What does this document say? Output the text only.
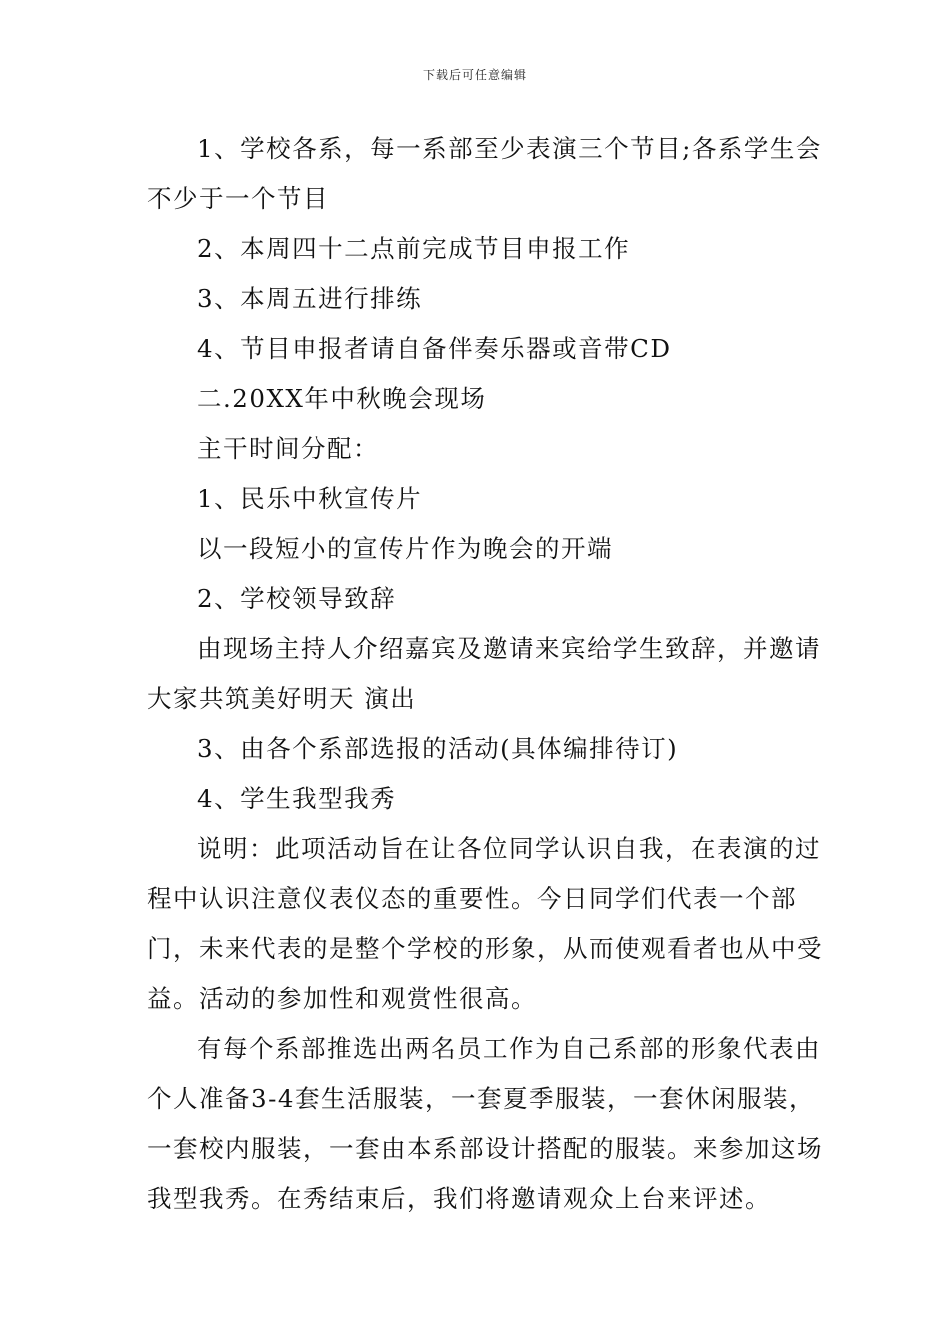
下载后可任意编辑

1、学校各系，每一系部至少表演三个节目;各系学生会不少于一个节目

2、本周四十二点前完成节目申报工作

3、本周五进行排练

4、节目申报者请自备伴奏乐器或音带CD

二.20XX年中秋晚会现场

主干时间分配：

1、民乐中秋宣传片

以一段短小的宣传片作为晚会的开端

2、学校领导致辞

由现场主持人介绍嘉宾及邀请来宾给学生致辞，并邀请大家共筑美好明天 演出

3、由各个系部选报的活动(具体编排待订)

4、学生我型我秀

说明：此项活动旨在让各位同学认识自我，在表演的过程中认识注意仪表仪态的重要性。今日同学们代表一个部门，未来代表的是整个学校的形象，从而使观看者也从中受益。活动的参加性和观赏性很高。

有每个系部推选出两名员工作为自己系部的形象代表由个人准备3-4套生活服装，一套夏季服装，一套休闲服装，一套校内服装，一套由本系部设计搭配的服装。来参加这场我型我秀。在秀结束后，我们将邀请观众上台来评述。
